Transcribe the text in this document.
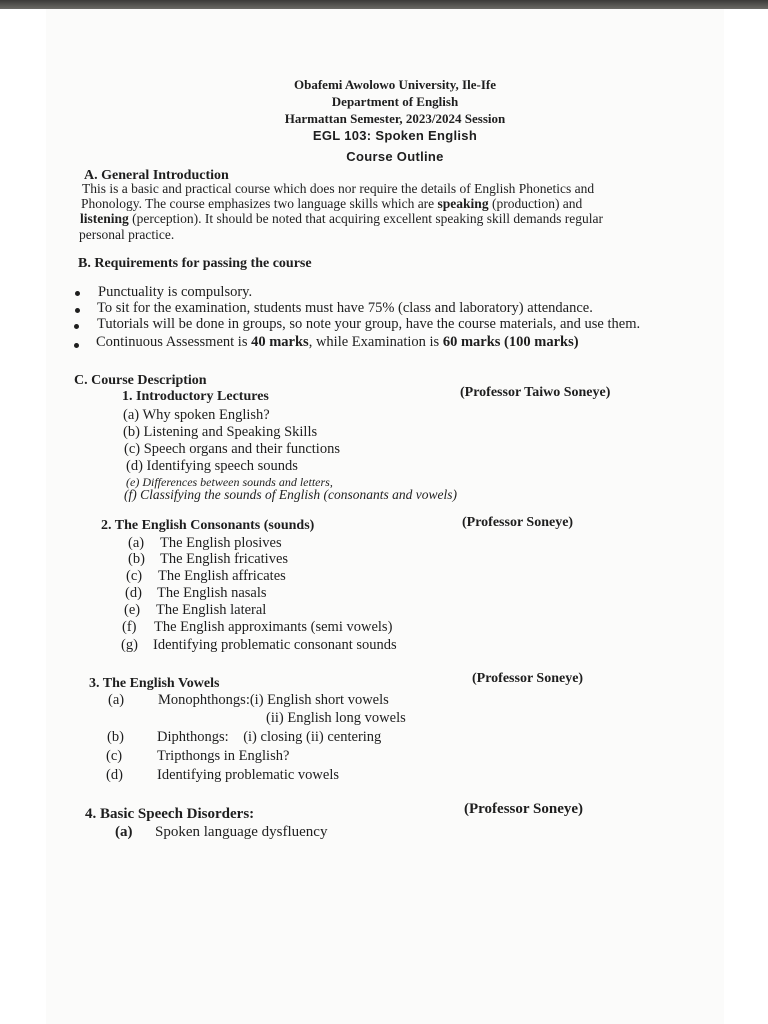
Obafemi Awolowo University, Ile-Ife
Department of English
Harmattan Semester, 2023/2024 Session
EGL 103: Spoken English
Course Outline
A. General Introduction
This is a basic and practical course which does nor require the details of English Phonetics and
Phonology. The course emphasizes two language skills which are speaking (production) and
listening (perception). It should be noted that acquiring excellent speaking skill demands regular
personal practice.
B. Requirements for passing the course
Punctuality is compulsory.
To sit for the examination, students must have 75% (class and laboratory) attendance.
Tutorials will be done in groups, so note your group, have the course materials, and use them.
Continuous Assessment is 40 marks, while Examination is 60 marks (100 marks)
C. Course Description
1. Introductory Lectures	(Professor Taiwo Soneye)
(a) Why spoken English?
(b) Listening and Speaking Skills
(c) Speech organs and their functions
(d) Identifying speech sounds
(e) Differences between sounds and letters,
(f) Classifying the sounds of English (consonants and vowels)
2. The English Consonants (sounds)	(Professor Soneye)
(a) The English plosives
(b) The English fricatives
(c) The English affricates
(d) The English nasals
(e) The English lateral
(f) The English approximants (semi vowels)
(g) Identifying problematic consonant sounds
3. The English Vowels	(Professor Soneye)
(a) Monophthongs:(i) English short vowels
(ii) English long vowels
(b) Diphthongs:    (i) closing (ii) centering
(c) Tripthongs in English?
(d) Identifying problematic vowels
4. Basic Speech Disorders:	(Professor Soneye)
(a) Spoken language dysfluency
